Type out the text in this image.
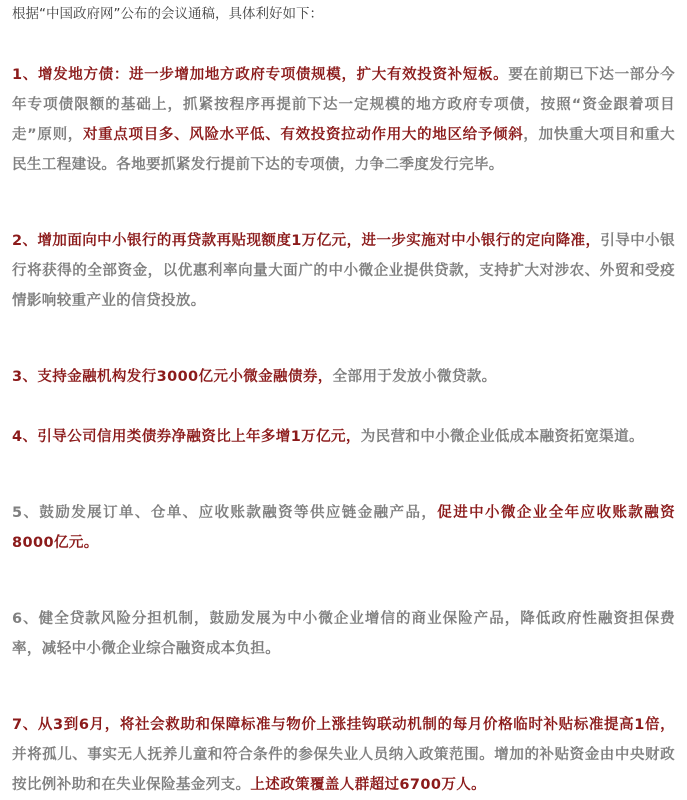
根据“中国政府网”公布的会议通稿，具体利好如下：

1、增发地方债：进一步增加地方政府专项债规模，扩大有效投资补短板。要在前期已下达一部分今年专项债限额的基础上，抓紧按程序再提前下达一定规模的地方政府专项债，按照“资金跟着项目走”原则，对重点项目多、风险水平低、有效投资拉动作用大的地区给予倾斜，加快重大项目和重大民生工程建设。各地要抓紧发行提前下达的专项债，力争二季度发行完毕。

2、增加面向中小银行的再贷款再贴现额度1万亿元，进一步实施对中小银行的定向降准，引导中小银行将获得的全部资金，以优惠利率向量大面广的中小微企业提供贷款，支持扩大对涉农、外贸和受疫情影响较重产业的信贷投放。

3、支持金融机构发行3000亿元小微金融债券，全部用于发放小微贷款。

4、引导公司信用类债券净融资比上年多增1万亿元，为民营和中小微企业低成本融资拓宽渠道。

5、鼓励发展订单、仓单、应收账款融资等供应链金融产品，促进中小微企业全年应收账款融资8000亿元。

6、健全贷款风险分担机制，鼓励发展为中小微企业增信的商业保险产品，降低政府性融资担保费率，减轻中小微企业综合融资成本负担。

7、从3到6月，将社会救助和保障标准与物价上涨挂钩联动机制的每月价格临时补贴标准提高1倍，并将孤儿、事实无人抚养儿童和符合条件的参保失业人员纳入政策范围。增加的补贴资金由中央财政按比例补助和在失业保险基金列支。上述政策覆盖人群超过6700万人。
